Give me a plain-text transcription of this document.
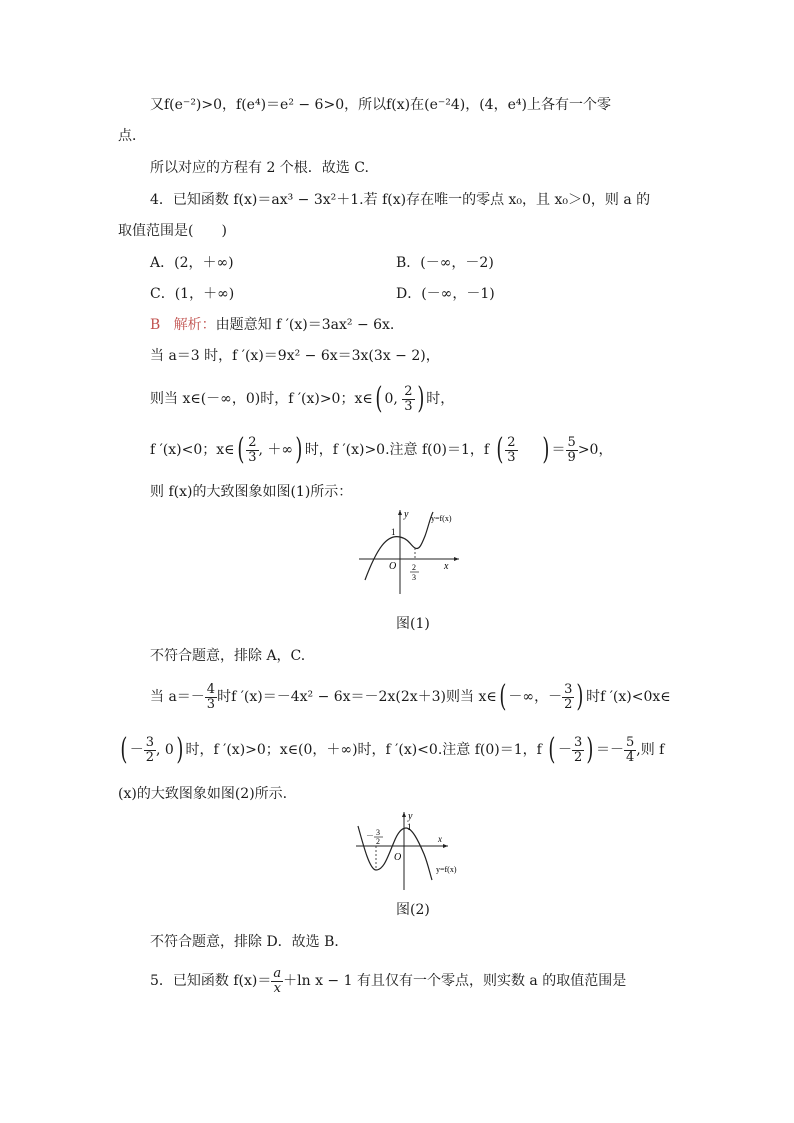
又f(e⁻²)>0，f(e⁴)＝e² − 6>0，所以f(x)在(e⁻²4)，(4，e⁴)上各有一个零
点．
所以对应的方程有 2 个根．故选 C.
4．已知函数 f(x)＝ax³ − 3x²＋1.若 f(x)存在唯一的零点 x₀，且 x₀＞0，则 a 的
取值范围是(　　)
A．(2，＋∞)	B．(－∞，－2)
C．(1，＋∞)	D．(－∞，－1)
B 解析：由题意知 f ′(x)＝3ax² − 6x.
当 a＝3 时，f ′(x)＝9x² − 6x＝3x(3x − 2)，
则当 x∈(－∞，0)时，f ′(x)>0；x∈( 0, $\frac{2}{3}$ ) 时，
f ′(x)<0；x∈( $\frac{2}{3}$ , ＋∞) 时，f ′(x)>0.注意 f(0)＝1，f ( $\frac{2}{3}$ ) ＝ $\frac{5}{9} >0$，
则 f(x)的大致图象如图(1)所示：
y
x
O
1
y=f(x)
2
3
图(1)
不符合题意，排除 A，C.
当 $a=- \frac{4}{3}$ 时f ′(x)＝－4x² − 6x＝－2x(2x＋3)则当 x∈( －∞，－ $\frac{3}{2}$ ) 时f ′(x)<0x∈
( － $\frac{3}{2}$ , 0) 时，f ′(x)>0；x∈(0，＋∞)时，f ′(x)<0.注意 f(0)＝1，f ( － $\frac{3}{2}$ ) ＝－ $\frac{5}{4}$ ,则 f
(x)的大致图象如图(2)所示.
y
x
O
1
y=f(x)
－ 3
2
图(2)
不符合题意，排除 D．故选 B．
5．已知函数 $f(x)= \frac{a}{x} +\ln$ x − 1 有且仅有一个零点，则实数 a 的取值范围是
